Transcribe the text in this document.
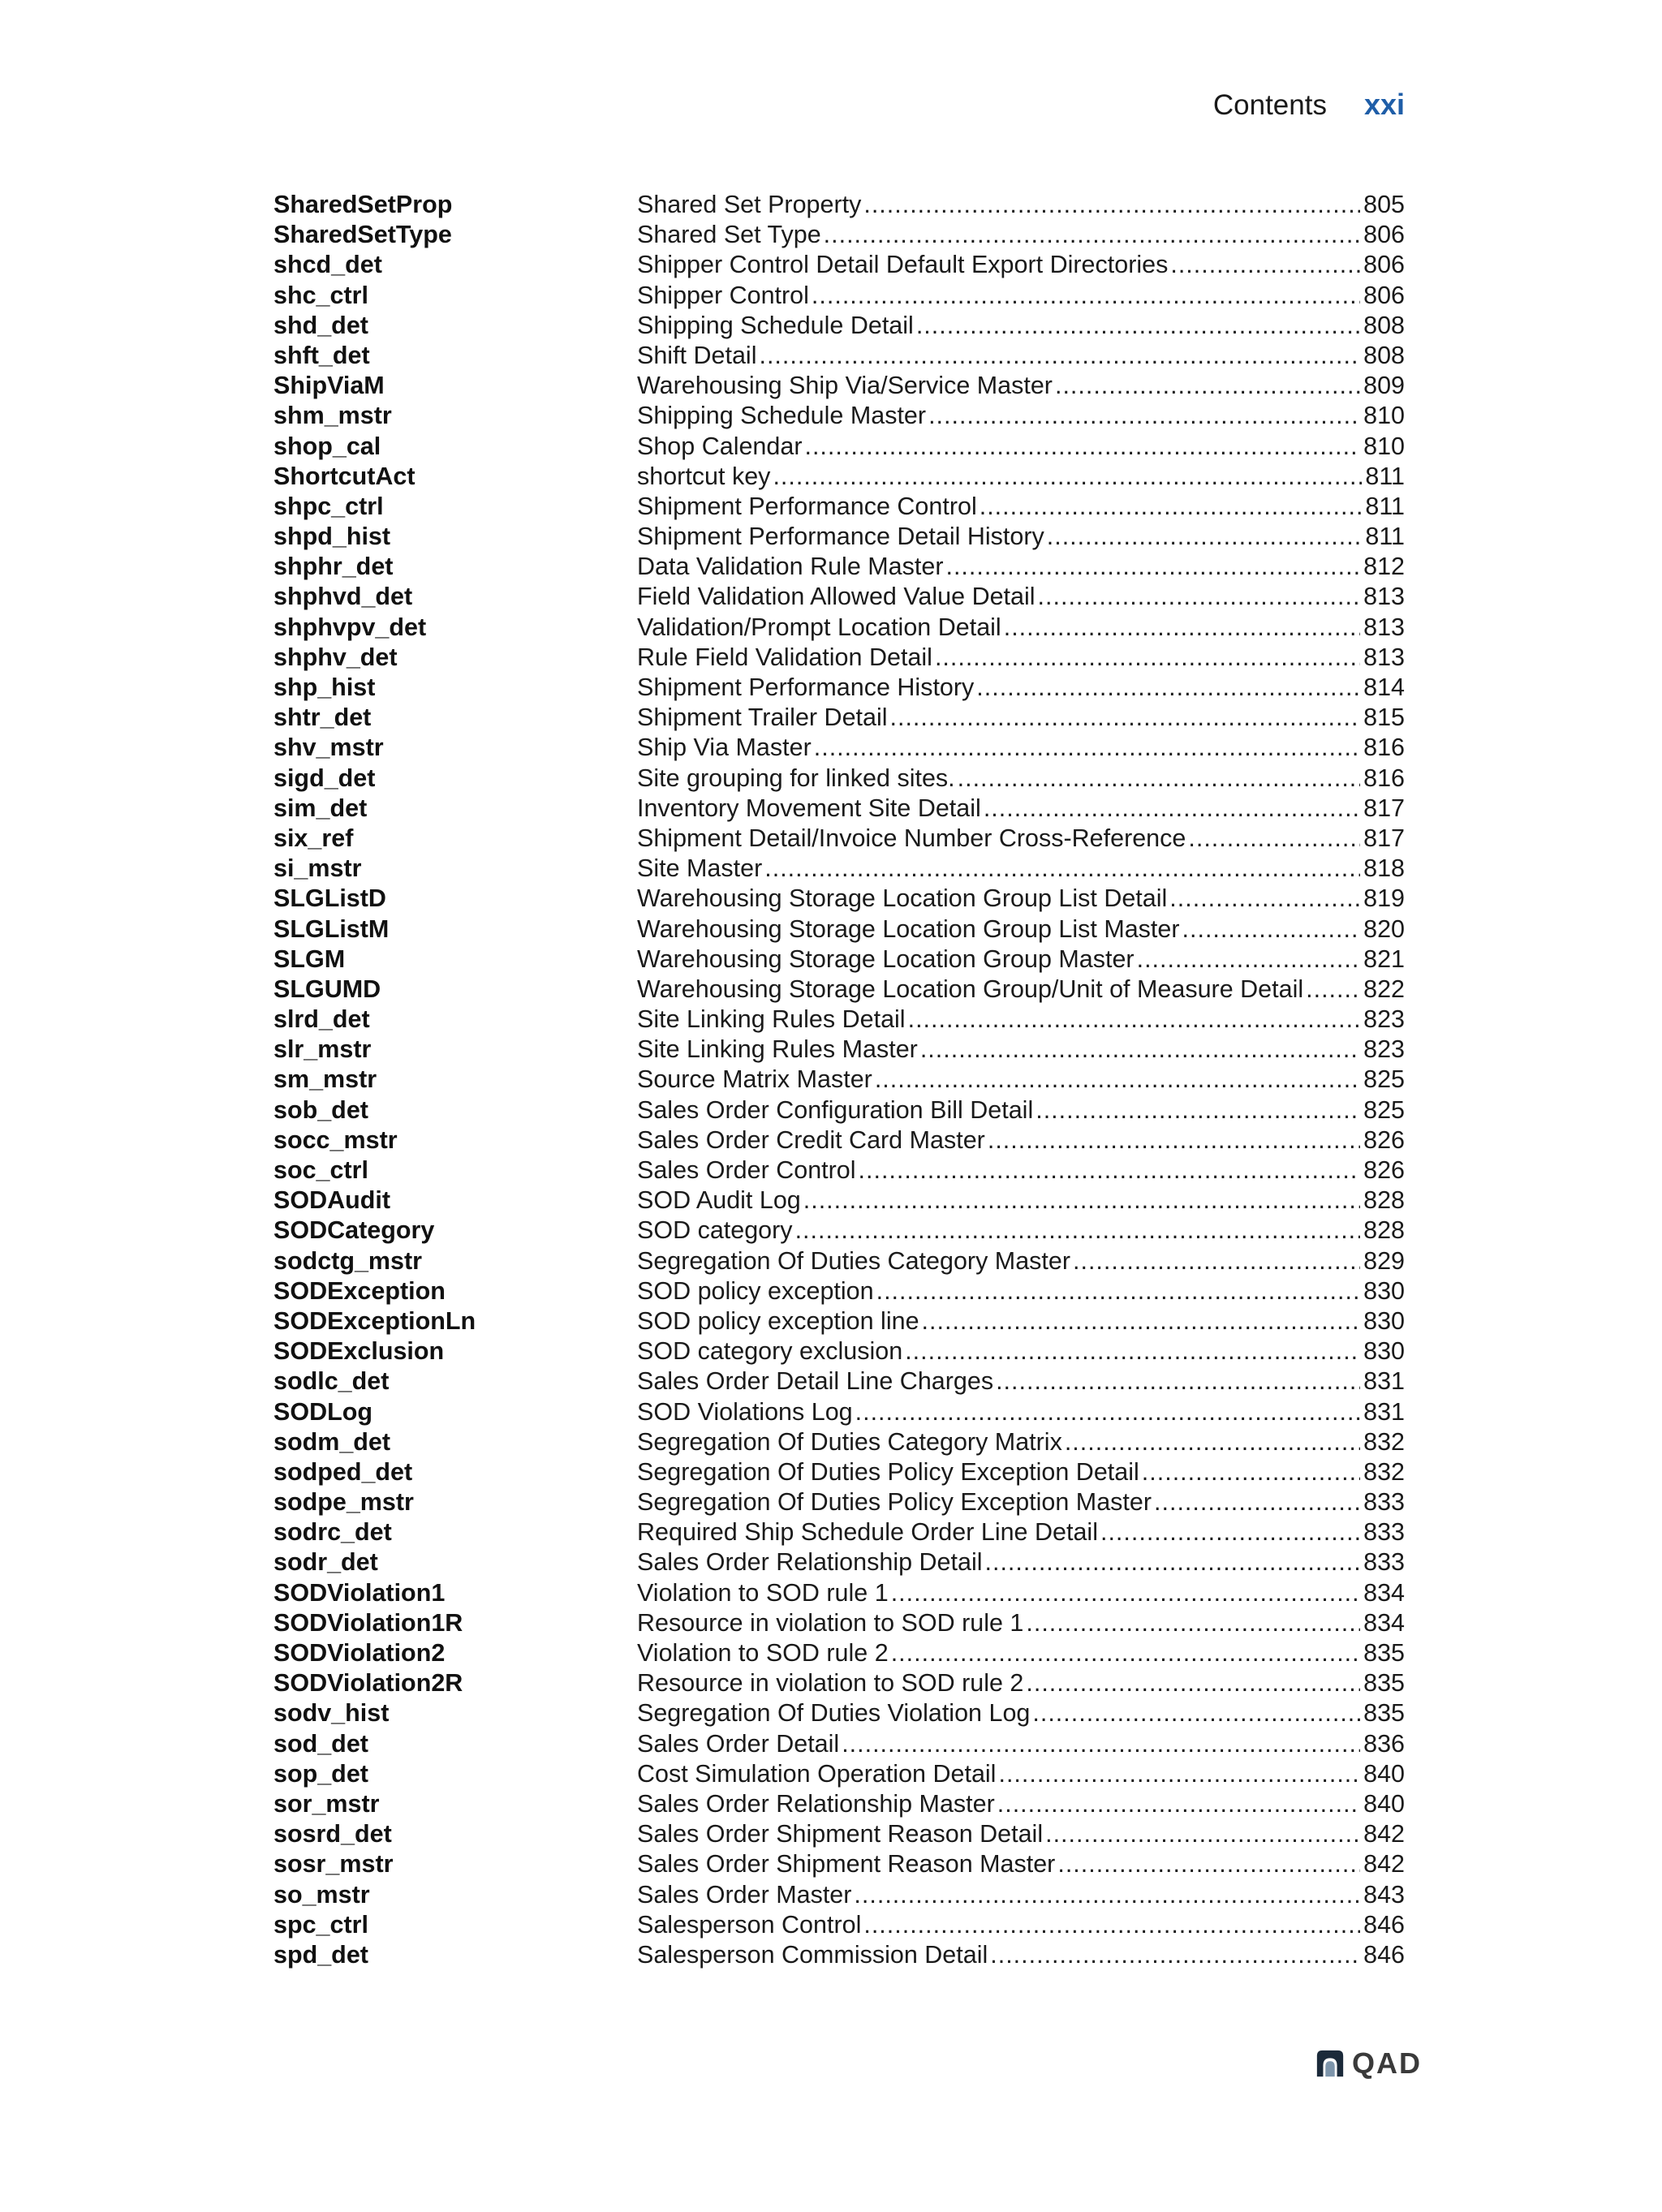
Contents xxi
SharedSetProp	Shared Set Property .....	805
SharedSetType	Shared Set Type .....	806
shcd_det	Shipper Control Detail Default Export Directories .....	806
shc_ctrl	Shipper Control .....	806
shd_det	Shipping Schedule Detail .....	808
shft_det	Shift Detail .....	808
ShipViaM	Warehousing Ship Via/Service Master .....	809
shm_mstr	Shipping Schedule Master .....	810
shop_cal	Shop Calendar .....	810
ShortcutAct	shortcut key .....	811
shpc_ctrl	Shipment Performance Control .....	811
shpd_hist	Shipment Performance Detail History .....	811
shphr_det	Data Validation Rule Master .....	812
shphvd_det	Field Validation Allowed Value Detail .....	813
shphvpv_det	Validation/Prompt Location Detail .....	813
shphv_det	Rule Field Validation Detail .....	813
shp_hist	Shipment Performance History .....	814
shtr_det	Shipment Trailer Detail .....	815
shv_mstr	Ship Via Master .....	816
sigd_det	Site grouping for linked sites. .....	816
sim_det	Inventory Movement Site Detail .....	817
six_ref	Shipment Detail/Invoice Number Cross-Reference .....	817
si_mstr	Site Master .....	818
SLGListD	Warehousing Storage Location Group List Detail .....	819
SLGListM	Warehousing Storage Location Group List Master .....	820
SLGM	Warehousing Storage Location Group Master .....	821
SLGUMD	Warehousing Storage Location Group/Unit of Measure Detail ..... 822
slrd_det	Site Linking Rules Detail .....	823
slr_mstr	Site Linking Rules Master .....	823
sm_mstr	Source Matrix Master .....	825
sob_det	Sales Order Configuration Bill Detail .....	825
socc_mstr	Sales Order Credit Card Master .....	826
soc_ctrl	Sales Order Control .....	826
SODAudit	SOD Audit Log .....	828
SODCategory	SOD category .....	828
sodctg_mstr	Segregation Of Duties Category Master .....	829
SODException	SOD policy exception .....	830
SODExceptionLn	SOD policy exception line .....	830
SODExclusion	SOD category exclusion .....	830
sodlc_det	Sales Order Detail Line Charges .....	831
SODLog	SOD Violations Log .....	831
sodm_det	Segregation Of Duties Category Matrix .....	832
sodped_det	Segregation Of Duties Policy Exception Detail .....	832
sodpe_mstr	Segregation Of Duties Policy Exception Master .....	833
sodrc_det	Required Ship Schedule Order Line Detail .....	833
sodr_det	Sales Order Relationship Detail .....	833
SODViolation1	Violation to SOD rule 1 .....	834
SODViolation1R	Resource in violation to SOD rule 1 .....	834
SODViolation2	Violation to SOD rule 2 .....	835
SODViolation2R	Resource in violation to SOD rule 2 .....	835
sodv_hist	Segregation Of Duties Violation Log .....	835
sod_det	Sales Order Detail .....	836
sop_det	Cost Simulation Operation Detail .....	840
sor_mstr	Sales Order Relationship Master .....	840
sosrd_det	Sales Order Shipment Reason Detail .....	842
sosr_mstr	Sales Order Shipment Reason Master .....	842
so_mstr	Sales Order Master .....	843
spc_ctrl	Salesperson Control .....	846
spd_det	Salesperson Commission Detail .....	846
QAD
